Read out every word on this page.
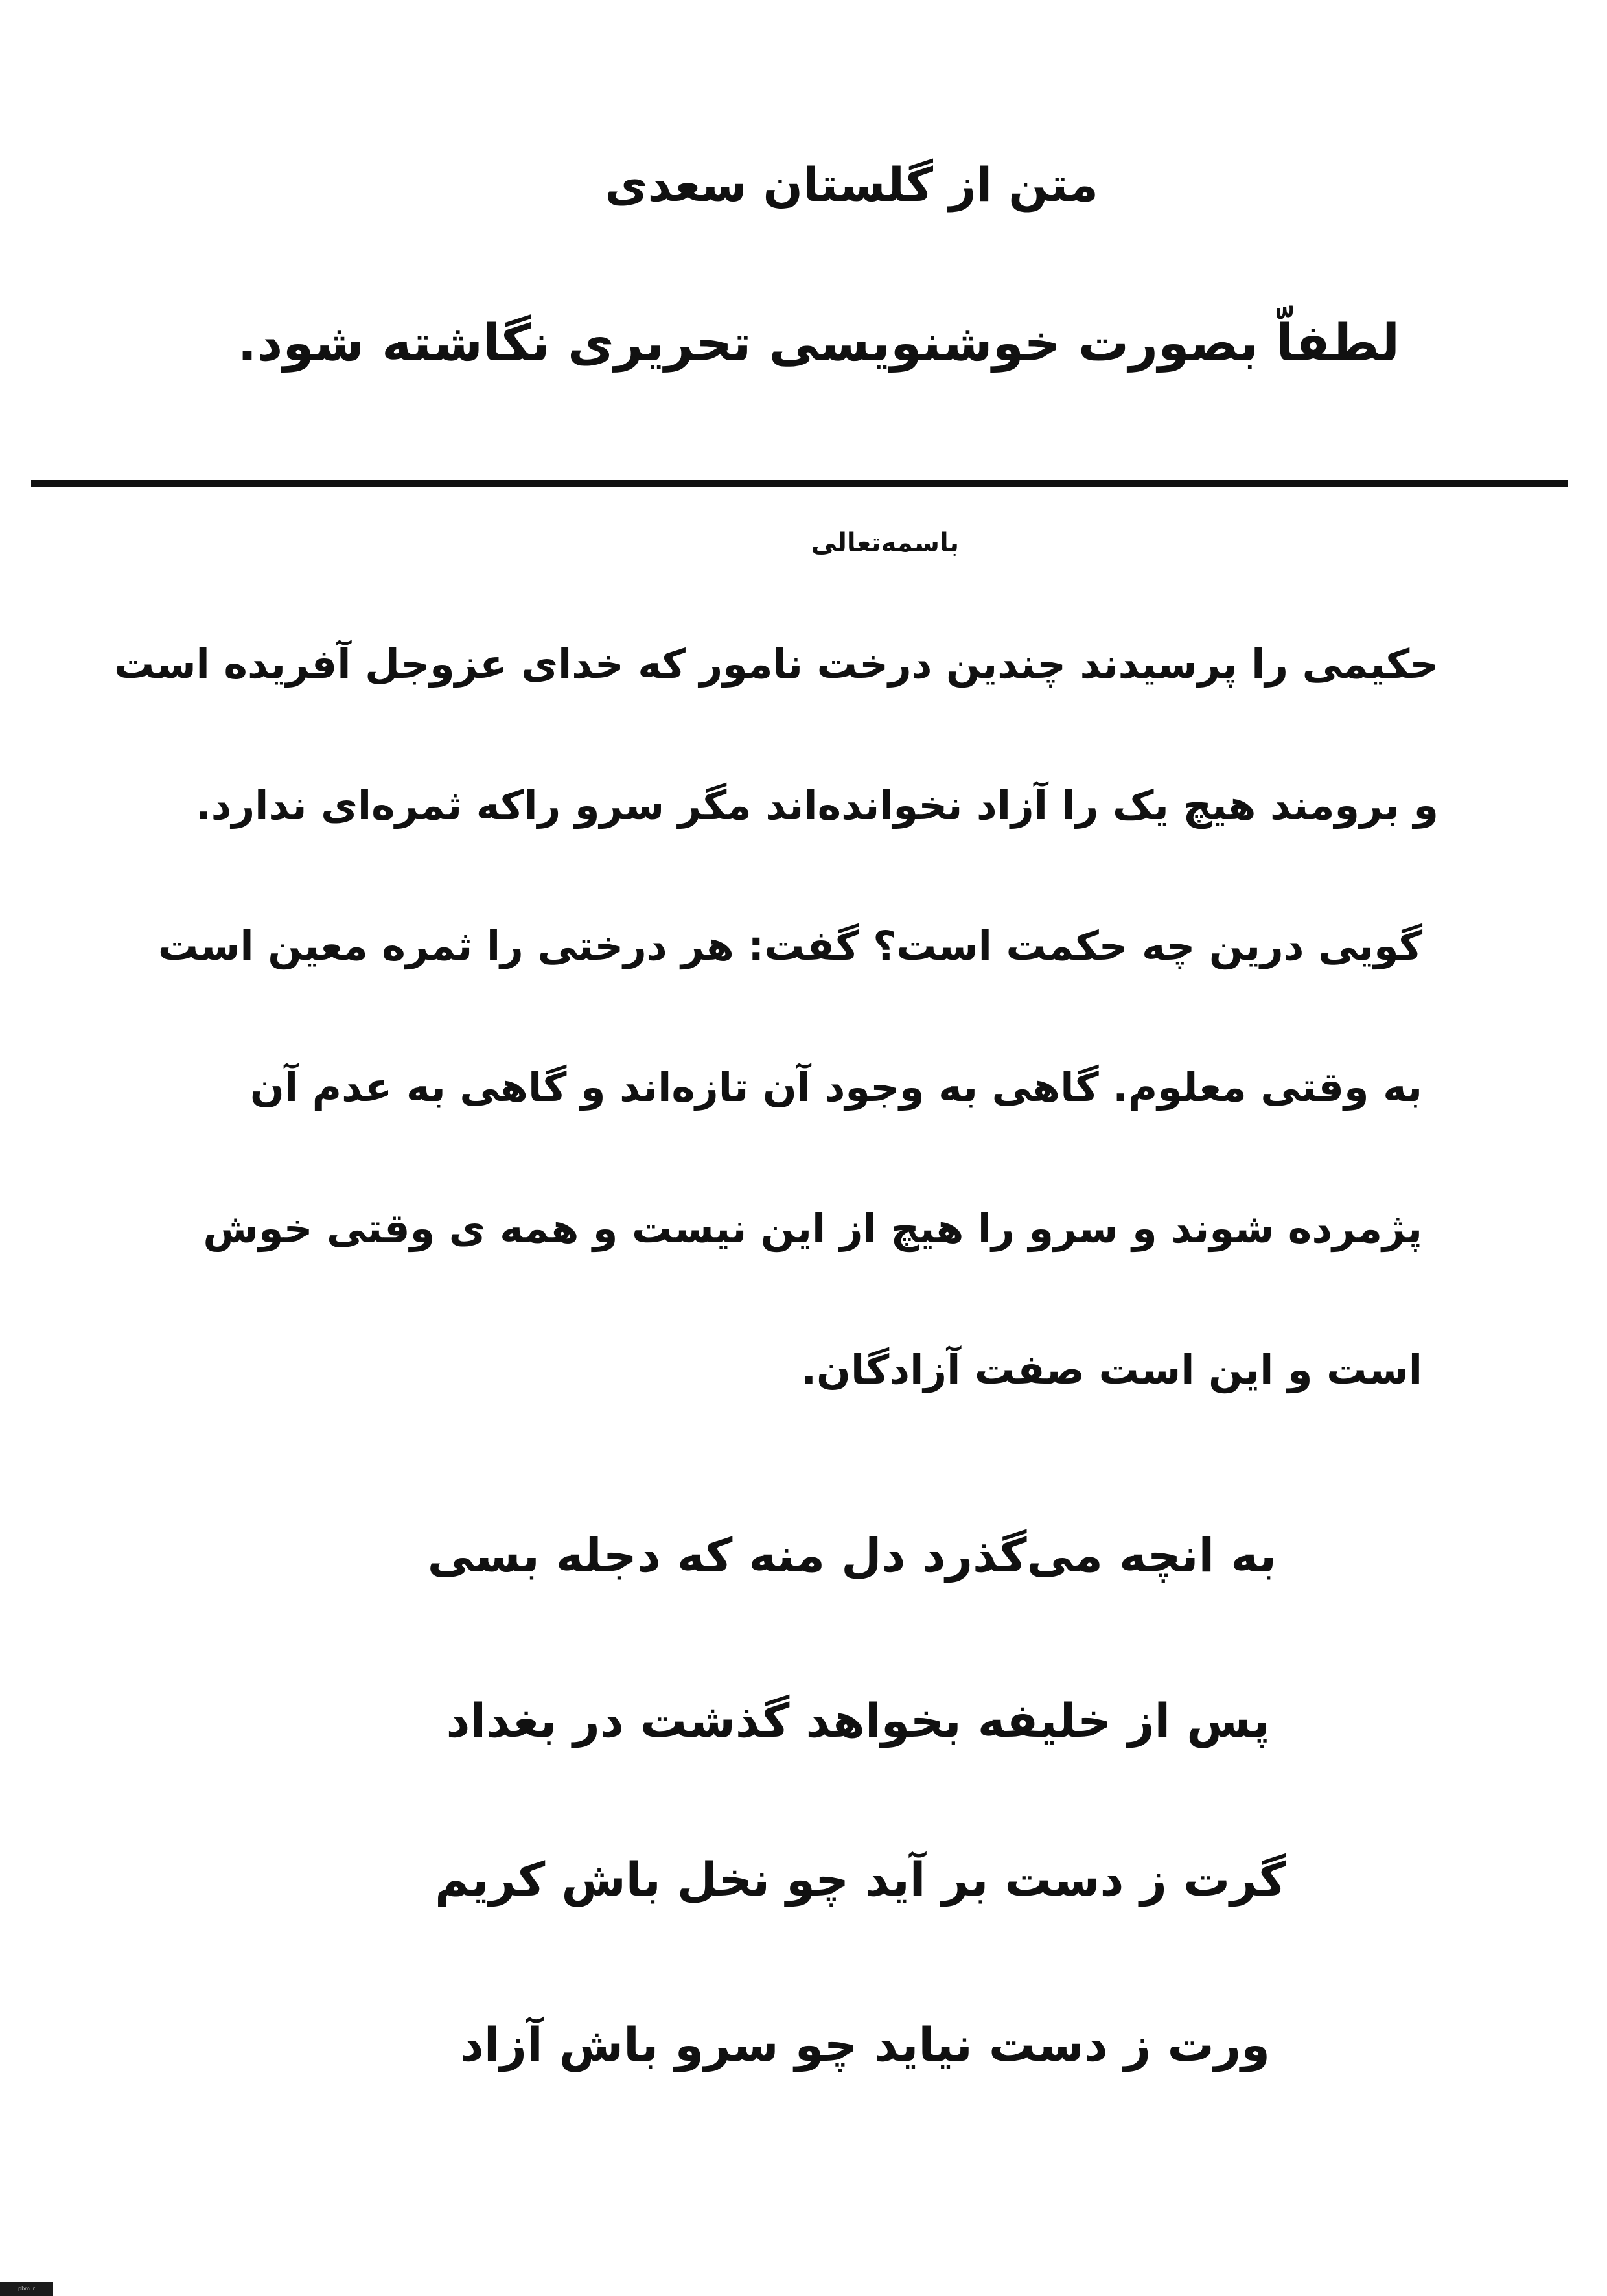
متن از گلستان سعدی

لطفاّ بصورت خوشنویسی تحریری نگاشته شود.

باسمه‌تعالی

حکیمی را پرسیدند چندین درخت نامور که خدای عزوجل آفریده است

و برومند هیچ یک را آزاد نخوانده‌اند مگر سرو راکه ثمره‌ای ندارد.

گویی درین چه حکمت است؟ گفت: هر درختی را ثمره معین است

به وقتی معلوم. گاهی به وجود آن تازه‌اند و گاهی به عدم آن

پژمرده شوند و سرو را هیچ از این نیست و همه ی وقتی خوش

است و این است صفت آزادگان.

به انچه می‌گذرد دل منه که دجله بسی

پس از خلیفه بخواهد گذشت در بغداد

گرت ز دست بر آید چو نخل باش کریم

ورت ز دست نیاید چو سرو باش آزاد

pbm.ir
